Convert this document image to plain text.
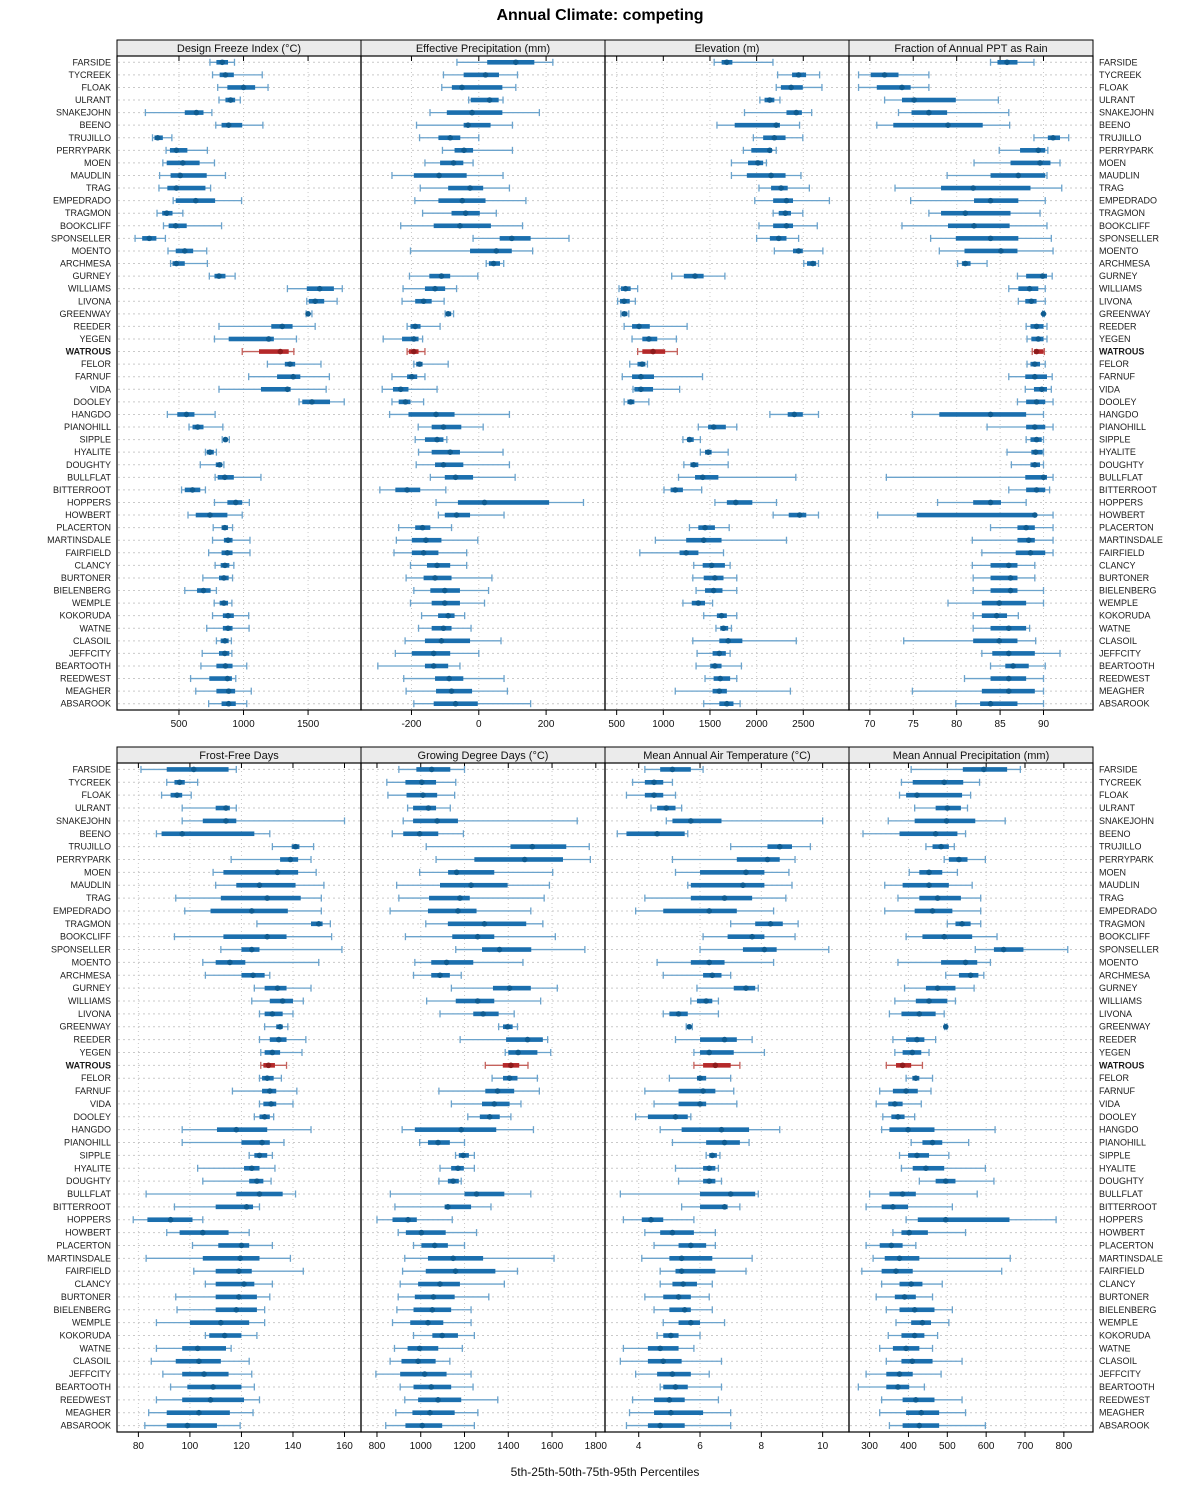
Annual Climate: competing
Design Freeze Index (°C)
500	1000	1500
Effective Precipitation (mm)
-200	0	200
Elevation (m)
500	1000 1500 2000 2500
Fraction of Annual PPT as Rain
70	75	80	85	90
FARSIDE	FARSIDE
TYCREEK	TYCREEK
FLOAK	FLOAK
ULRANT	ULRANT
SNAKEJOHN	SNAKEJOHN
BEENO	BEENO
TRUJILLO	TRUJILLO
PERRYPARK	PERRYPARK
MOEN	MOEN
MAUDLIN	MAUDLIN
TRAG	TRAG
EMPEDRADO	EMPEDRADO
TRAGMON	TRAGMON
BOOKCLIFF	BOOKCLIFF
SPONSELLER	SPONSELLER
MOENTO	MOENTO
ARCHMESA	ARCHMESA
GURNEY	GURNEY
WILLIAMS	WILLIAMS
LIVONA	LIVONA
GREENWAY	GREENWAY
REEDER	REEDER
YEGEN	YEGEN
WATROUS	WATROUS
FELOR	FELOR
FARNUF	FARNUF
VIDA	VIDA
DOOLEY	DOOLEY
HANGDO	HANGDO
PIANOHILL	PIANOHILL
SIPPLE	SIPPLE
HYALITE	HYALITE
DOUGHTY	DOUGHTY
BULLFLAT	BULLFLAT
BITTERROOT	BITTERROOT
HOPPERS	HOPPERS
HOWBERT	HOWBERT
PLACERTON	PLACERTON
MARTINSDALE	MARTINSDALE
FAIRFIELD	FAIRFIELD
CLANCY	CLANCY
BURTONER	BURTONER
BIELENBERG	BIELENBERG
WEMPLE	WEMPLE
KOKORUDA	KOKORUDA
WATNE	WATNE
CLASOIL	CLASOIL
JEFFCITY	JEFFCITY
BEARTOOTH	BEARTOOTH
REEDWEST	REEDWEST
MEAGHER	MEAGHER
ABSAROOK	ABSAROOK
Frost-Free Days
80	100	120	140	160
Growing Degree Days (°C)
800 1000 1200 1400 1600 1800
Mean Annual Air Temperature (°C)
4	6	8	10
Mean Annual Precipitation (mm)
300 400 500 600 700 800
FARSIDE	FARSIDE
TYCREEK	TYCREEK
FLOAK	FLOAK
ULRANT	ULRANT
SNAKEJOHN	SNAKEJOHN
BEENO	BEENO
TRUJILLO	TRUJILLO
PERRYPARK	PERRYPARK
MOEN	MOEN
MAUDLIN	MAUDLIN
TRAG	TRAG
EMPEDRADO	EMPEDRADO
TRAGMON	TRAGMON
BOOKCLIFF	BOOKCLIFF
SPONSELLER	SPONSELLER
MOENTO	MOENTO
ARCHMESA	ARCHMESA
GURNEY	GURNEY
WILLIAMS	WILLIAMS
LIVONA	LIVONA
GREENWAY	GREENWAY
REEDER	REEDER
YEGEN	YEGEN
WATROUS	WATROUS
FELOR	FELOR
FARNUF	FARNUF
VIDA	VIDA
DOOLEY	DOOLEY
HANGDO	HANGDO
PIANOHILL	PIANOHILL
SIPPLE	SIPPLE
HYALITE	HYALITE
DOUGHTY	DOUGHTY
BULLFLAT	BULLFLAT
BITTERROOT	BITTERROOT
HOPPERS	HOPPERS
HOWBERT	HOWBERT
PLACERTON	PLACERTON
MARTINSDALE	MARTINSDALE
FAIRFIELD	FAIRFIELD
CLANCY	CLANCY
BURTONER	BURTONER
BIELENBERG	BIELENBERG
WEMPLE	WEMPLE
KOKORUDA	KOKORUDA
WATNE	WATNE
CLASOIL	CLASOIL
JEFFCITY	JEFFCITY
BEARTOOTH	BEARTOOTH
REEDWEST	REEDWEST
MEAGHER	MEAGHER
ABSAROOK	ABSAROOK
5th-25th-50th-75th-95th Percentiles
